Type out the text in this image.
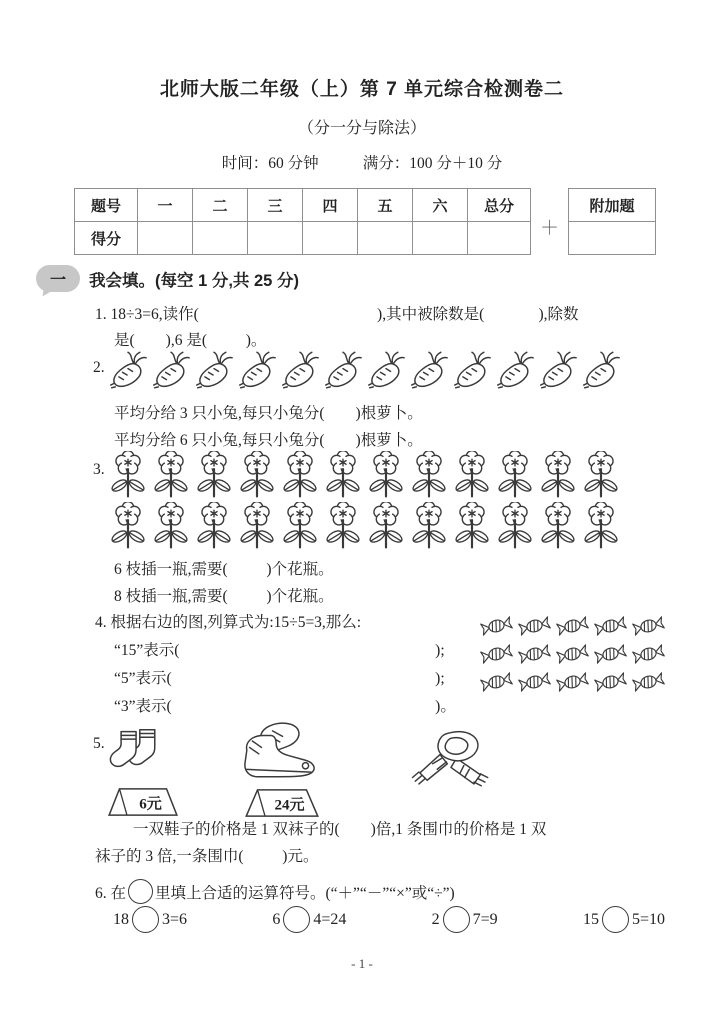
北师大版二年级（上）第 7 单元综合检测卷二
（分一分与除法）
时间：60 分钟	满分：100 分＋10 分
题号	一	二	三	四	五	六	总分
得分							
＋
附加题

一 我会填。(每空 1 分,共 25 分)
1. 18÷3=6,读作(                                              ),其中被除数是(              ),除数
是(        ),6 是(          )。
2.
平均分给 3 只小兔,每只小兔分(        )根萝卜。
平均分给 6 只小兔,每只小兔分(        )根萝卜。
3.
6 枝插一瓶,需要(          )个花瓶。
8 枝插一瓶,需要(          )个花瓶。
4. 根据右边的图,列算式为:15÷5=3,那么:
“15”表示(                                                                  );
“5”表示(                                                                    );
“3”表示(                                                                    )。
5.
6元	24元
一双鞋子的价格是 1 双袜子的(        )倍,1 条围巾的价格是 1 双
袜子的 3 倍,一条围巾(          )元。
6. 在 里填上合适的运算符号。(“＋”“－”“×”或“÷”)
18 3=6	6 4=24	2 7=9	15 5=10
- 1 -
